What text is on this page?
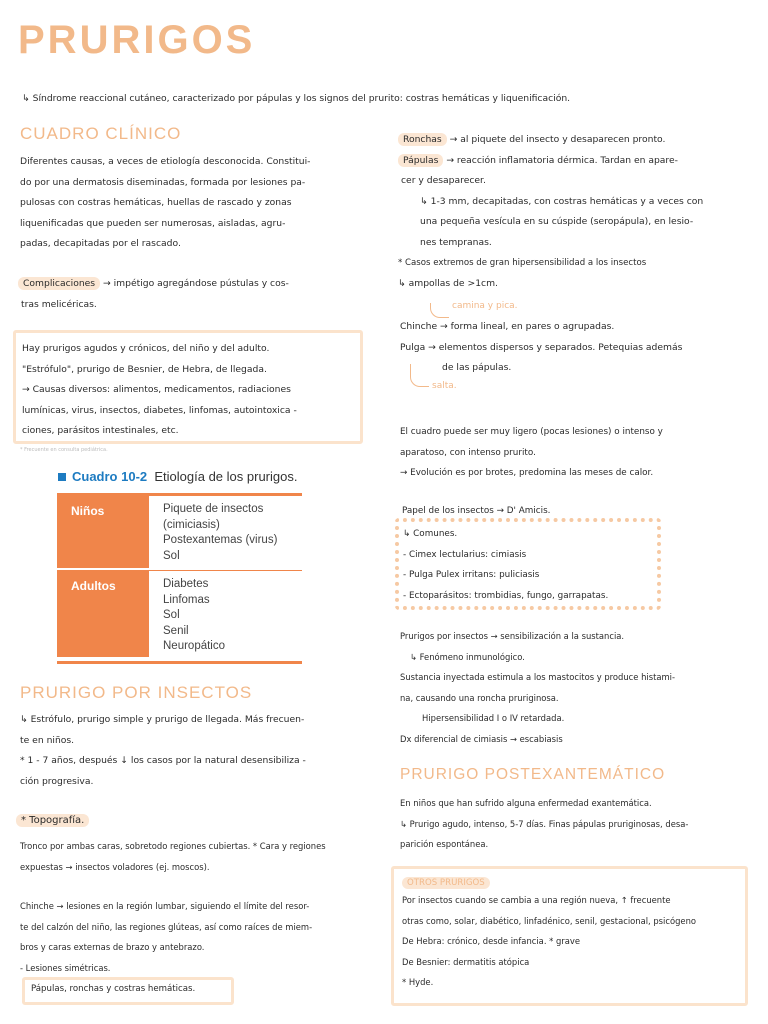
PRURIGOS
↳ Síndrome reaccional cutáneo, caracterizado por pápulas y los signos del prurito: costras hemáticas y liquenificación.
CUADRO CLÍNICO
Diferentes causas, a veces de etiología desconocida. Constitui-
do por una dermatosis diseminadas, formada por lesiones pa-
pulosas con costras hemáticas, huellas de rascado y zonas
liquenificadas que pueden ser numerosas, aisladas, agru-
padas, decapitadas por el rascado.
Complicaciones → impétigo agregándose pústulas y cos-
tras melicéricas.
Hay prurigos agudos y crónicos, del niño y del adulto.
"Estrófulo", prurigo de Besnier, de Hebra, de llegada.
→ Causas diversos: alimentos, medicamentos, radiaciones
lumínicas, virus, insectos, diabetes, linfomas, autointoxica -
ciones, parásitos intestinales, etc.
* Frecuente en consulta pediátrica.
Cuadro 10-2 Etiología de los prurigos.
Niños	Piquete de insectos
(cimiciasis)
Postexantemas (virus)
Sol
Adultos	Diabetes
Linfomas
Sol
Senil
Neuropático
PRURIGO POR INSECTOS
↳ Estrófulo, prurigo simple y prurigo de llegada. Más frecuen-
te en niños.
* 1 - 7 años, después ↓ los casos por la natural desensibiliza -
ción progresiva.
* Topografía.
Tronco por ambas caras, sobretodo regiones cubiertas. * Cara y regiones
expuestas → insectos voladores (ej. moscos).
Chinche → lesiones en la región lumbar, siguiendo el límite del resor-
te del calzón del niño, las regiones glúteas, así como raíces de miem-
bros y caras externas de brazo y antebrazo.
- Lesiones simétricas.
Pápulas, ronchas y costras hemáticas.
Ronchas → al piquete del insecto y desaparecen pronto.
Pápulas → reacción inflamatoria dérmica. Tardan en apare-
cer y desaparecer.
↳ 1-3 mm, decapitadas, con costras hemáticas y a veces con
una pequeña vesícula en su cúspide (seropápula), en lesio-
nes tempranas.
* Casos extremos de gran hipersensibilidad a los insectos
↳ ampollas de >1cm.
camina y pica.
Chinche → forma lineal, en pares o agrupadas.
Pulga → elementos dispersos y separados. Petequias además
de las pápulas.
salta.
El cuadro puede ser muy ligero (pocas lesiones) o intenso y
aparatoso, con intenso prurito.
→ Evolución es por brotes, predomina las meses de calor.
Papel de los insectos → D' Amicis.
↳ Comunes.
- Cimex lectularius: cimiasis
- Pulga Pulex irritans: puliciasis
- Ectoparásitos: trombidias, fungo, garrapatas.
Prurigos por insectos → sensibilización a la sustancia.
↳ Fenómeno inmunológico.
Sustancia inyectada estimula a los mastocitos y produce histami-
na, causando una roncha pruriginosa.
Hipersensibilidad I o IV retardada.
Dx diferencial de cimiasis → escabiasis
PRURIGO POSTEXANTEMÁTICO
En niños que han sufrido alguna enfermedad exantemática.
↳ Prurigo agudo, intenso, 5-7 días. Finas pápulas pruriginosas, desa-
parición espontánea.
OTROS PRURIGOS
Por insectos cuando se cambia a una región nueva, ↑ frecuente
otras como, solar, diabético, linfadénico, senil, gestacional, psicógeno
De Hebra: crónico, desde infancia. * grave
De Besnier: dermatitis atópica
* Hyde.
